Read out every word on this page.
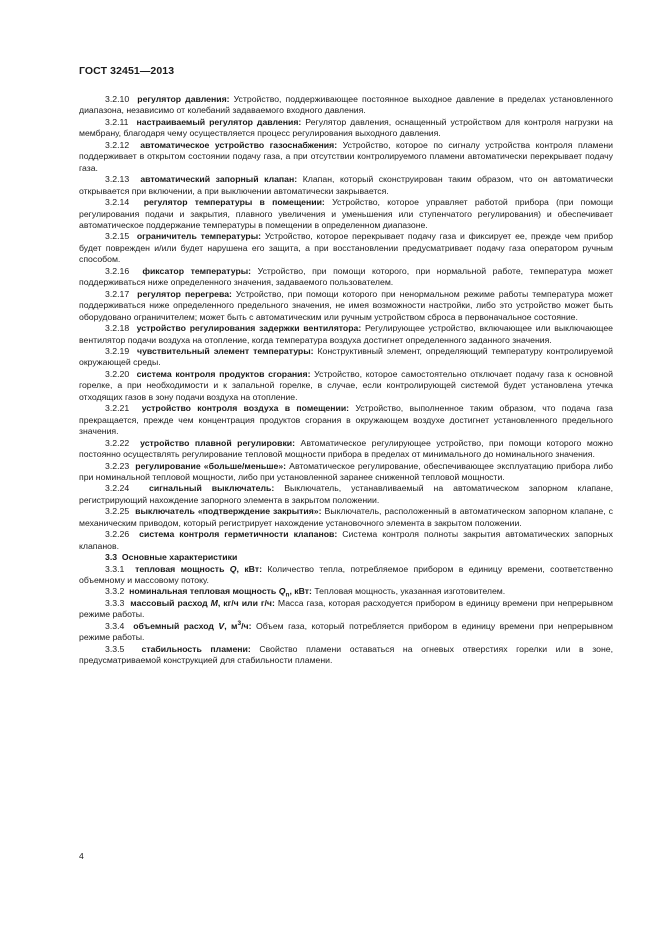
ГОСТ 32451—2013

3.2.10 регулятор давления: Устройство, поддерживающее постоянное выходное давление в пределах установленного диапазона, независимо от колебаний задаваемого входного давления.

3.2.11 настраиваемый регулятор давления: Регулятор давления, оснащенный устройством для контроля нагрузки на мембрану, благодаря чему осуществляется процесс регулирования выходного давления.

3.2.12 автоматическое устройство газоснабжения: Устройство, которое по сигналу устройства контроля пламени поддерживает в открытом состоянии подачу газа, а при отсутствии контролируемого пламени автоматически перекрывает подачу газа.

3.2.13 автоматический запорный клапан: Клапан, который сконструирован таким образом, что он автоматически открывается при включении, а при выключении автоматически закрывается.

3.2.14 регулятор температуры в помещении: Устройство, которое управляет работой прибора (при помощи регулирования подачи и закрытия, плавного увеличения и уменьшения или ступенчатого регулирования) и обеспечивает автоматическое поддержание температуры в помещении в определенном диапазоне.

3.2.15 ограничитель температуры: Устройство, которое перекрывает подачу газа и фиксирует ее, прежде чем прибор будет поврежден и/или будет нарушена его защита, а при восстановлении предусматривает подачу газа оператором ручным способом.

3.2.16 фиксатор температуры: Устройство, при помощи которого, при нормальной работе, температура может поддерживаться ниже определенного значения, задаваемого пользователем.

3.2.17 регулятор перегрева: Устройство, при помощи которого при ненормальном режиме работы температура может поддерживаться ниже определенного предельного значения, не имея возможности настройки, либо это устройство может быть оборудовано ограничителем; может быть с автоматическим или ручным устройством сброса в первоначальное состояние.

3.2.18 устройство регулирования задержки вентилятора: Регулирующее устройство, включающее или выключающее вентилятор подачи воздуха на отопление, когда температура воздуха достигнет определенного заданного значения.

3.2.19 чувствительный элемент температуры: Конструктивный элемент, определяющий температуру контролируемой окружающей среды.

3.2.20 система контроля продуктов сгорания: Устройство, которое самостоятельно отключает подачу газа к основной горелке, а при необходимости и к запальной горелке, в случае, если контролирующей системой будет установлена утечка отходящих газов в зону подачи воздуха на отопление.

3.2.21 устройство контроля воздуха в помещении: Устройство, выполненное таким образом, что подача газа прекращается, прежде чем концентрация продуктов сгорания в окружающем воздухе достигнет установленного предельного значения.

3.2.22 устройство плавной регулировки: Автоматическое регулирующее устройство, при помощи которого можно постоянно осуществлять регулирование тепловой мощности прибора в пределах от минимального до номинального значения.

3.2.23 регулирование «больше/меньше»: Автоматическое регулирование, обеспечивающее эксплуатацию прибора либо при номинальной тепловой мощности, либо при установленной заранее сниженной тепловой мощности.

3.2.24 сигнальный выключатель: Выключатель, устанавливаемый на автоматическом запорном клапане, регистрирующий нахождение запорного элемента в закрытом положении.

3.2.25 выключатель «подтверждение закрытия»: Выключатель, расположенный в автоматическом запорном клапане, с механическим приводом, который регистрирует нахождение установочного элемента в закрытом положении.

3.2.26 система контроля герметичности клапанов: Система контроля полноты закрытия автоматических запорных клапанов.

3.3 Основные характеристики

3.3.1 тепловая мощность Q, кВт: Количество тепла, потребляемое прибором в единицу времени, соответственно объемному и массовому потоку.

3.3.2 номинальная тепловая мощность $Q_n$, кВт: Тепловая мощность, указанная изготовителем.

3.3.3 массовый расход M, кг/ч или г/ч: Масса газа, которая расходуется прибором в единицу времени при непрерывном режиме работы.

3.3.4 объемный расход V, $м^3/ч$: Объем газа, который потребляется прибором в единицу времени при непрерывном режиме работы.

3.3.5 стабильность пламени: Свойство пламени оставаться на огневых отверстиях горелки или в зоне, предусматриваемой конструкцией для стабильности пламени.

4
